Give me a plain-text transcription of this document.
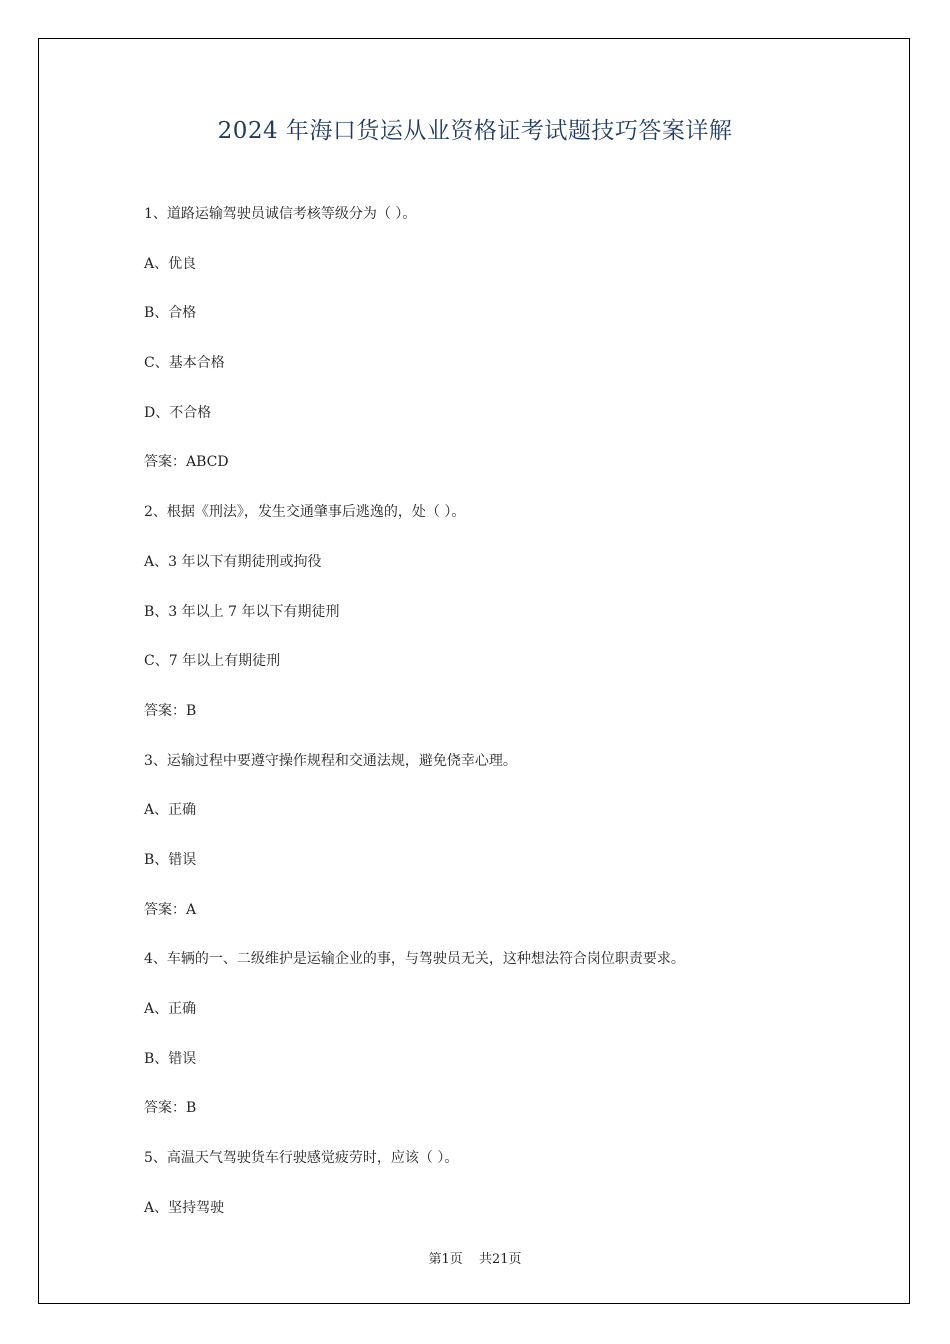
2024 年海口货运从业资格证考试题技巧答案详解
1、道路运输驾驶员诚信考核等级分为（ ）。
A、优良
B、合格
C、基本合格
D、不合格
答案：ABCD
2、根据《刑法》，发生交通肇事后逃逸的，处（ ）。
A、3 年以下有期徒刑或拘役
B、3 年以上 7 年以下有期徒刑
C、7 年以上有期徒刑
答案：B
3、运输过程中要遵守操作规程和交通法规，避免侥幸心理。
A、正确
B、错误
答案：A
4、车辆的一、二级维护是运输企业的事，与驾驶员无关，这种想法符合岗位职责要求。
A、正确
B、错误
答案：B
5、高温天气驾驶货车行驶感觉疲劳时，应该（ ）。
A、坚持驾驶
第1页 共21页
